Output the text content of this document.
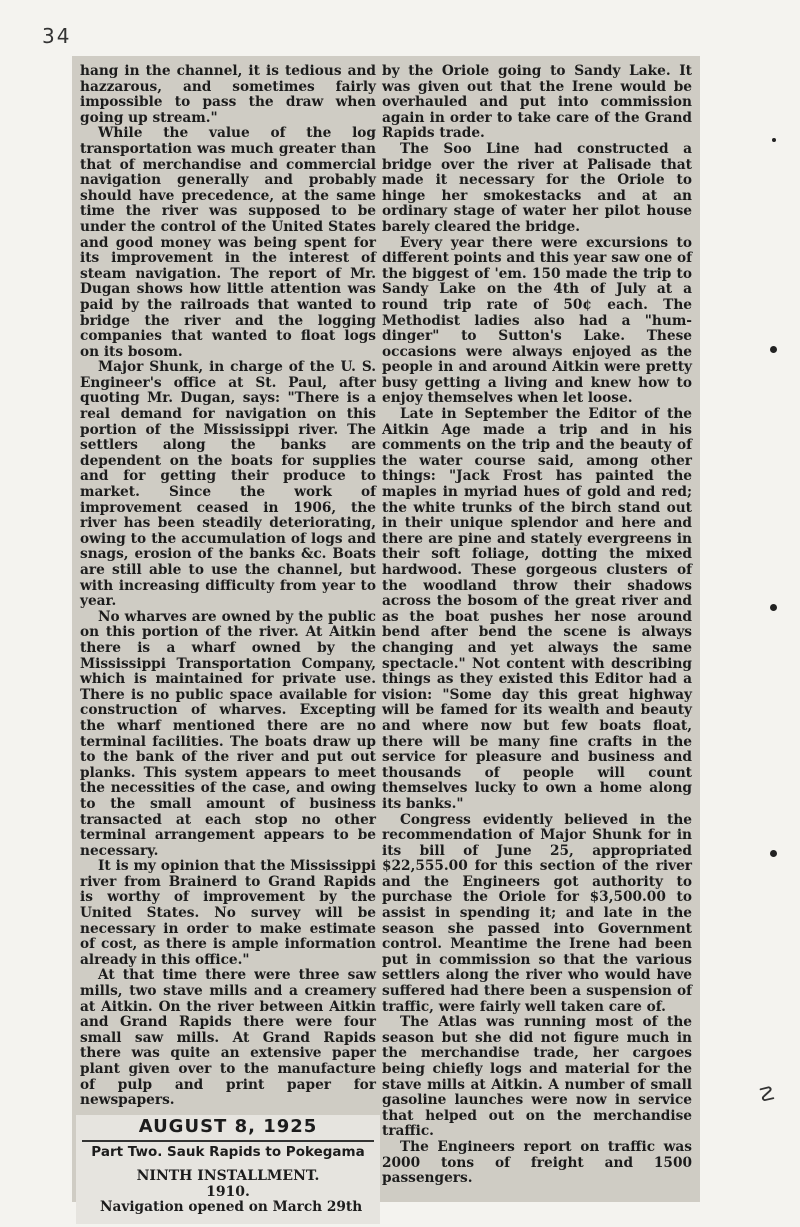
34

hang in the channel, it is tedious and hazzarous, and sometimes fairly impossible to pass the draw when going up stream."

While the value of the log transportation was much greater than that of merchandise and commercial navigation generally and probably should have precedence, at the same time the river was supposed to be under the control of the United States and good money was being spent for its improvement in the interest of steam navigation. The report of Mr. Dugan shows how little attention was paid by the railroads that wanted to bridge the river and the logging companies that wanted to float logs on its bosom.

Major Shunk, in charge of the U. S. Engineer's office at St. Paul, after quoting Mr. Dugan, says: "There is a real demand for navigation on this portion of the Mississippi river. The settlers along the banks are dependent on the boats for supplies and for getting their produce to market. Since the work of improvement ceased in 1906, the river has been steadily deteriorating, owing to the accumulation of logs and snags, erosion of the banks &c. Boats are still able to use the channel, but with increasing difficulty from year to year.

No wharves are owned by the public on this portion of the river. At Aitkin there is a wharf owned by the Mississippi Transportation Company, which is maintained for private use. There is no public space available for construction of wharves. Excepting the wharf mentioned there are no terminal facilities. The boats draw up to the bank of the river and put out planks. This system appears to meet the necessities of the case, and owing to the small amount of business transacted at each stop no other terminal arrangement appears to be necessary.

It is my opinion that the Mississippi river from Brainerd to Grand Rapids is worthy of improvement by the United States. No survey will be necessary in order to make estimate of cost, as there is ample information already in this office."

At that time there were three saw mills, two stave mills and a creamery at Aitkin. On the river between Aitkin and Grand Rapids there were four small saw mills. At Grand Rapids there was quite an extensive paper plant given over to the manufacture of pulp and print paper for newspapers.

AUGUST 8, 1925
Part Two. Sauk Rapids to Pokegama
NINTH INSTALLMENT.
1910.

Navigation opened on March 29th

by the Oriole going to Sandy Lake. It was given out that the Irene would be overhauled and put into commission again in order to take care of the Grand Rapids trade.

The Soo Line had constructed a bridge over the river at Palisade that made it necessary for the Oriole to hinge her smokestacks and at an ordinary stage of water her pilot house barely cleared the bridge.

Every year there were excursions to different points and this year saw one of the biggest of 'em. 150 made the trip to Sandy Lake on the 4th of July at a round trip rate of 50¢ each. The Methodist ladies also had a "hum-dinger" to Sutton's Lake. These occasions were always enjoyed as the people in and around Aitkin were pretty busy getting a living and knew how to enjoy themselves when let loose.

Late in September the Editor of the Aitkin Age made a trip and in his comments on the trip and the beauty of the water course said, among other things: "Jack Frost has painted the maples in myriad hues of gold and red; the white trunks of the birch stand out in their unique splendor and here and there are pine and stately evergreens in their soft foliage, dotting the mixed hardwood. These gorgeous clusters of the woodland throw their shadows across the bosom of the great river and as the boat pushes her nose around bend after bend the scene is always changing and yet always the same spectacle." Not content with describing things as they existed this Editor had a vision: "Some day this great highway will be famed for its wealth and beauty and where now but few boats float, there will be many fine crafts in the service for pleasure and business and thousands of people will count themselves lucky to own a home along its banks."

Congress evidently believed in the recommendation of Major Shunk for in its bill of June 25, appropriated $22,555.00 for this section of the river and the Engineers got authority to purchase the Oriole for $3,500.00 to assist in spending it; and late in the season she passed into Government control. Meantime the Irene had been put in commission so that the various settlers along the river who would have suffered had there been a suspension of traffic, were fairly well taken care of.

The Atlas was running most of the season but she did not figure much in the merchandise trade, her cargoes being chiefly logs and material for the stave mills at Aitkin. A number of small gasoline launches were now in service that helped out on the merchandise traffic.

The Engineers report on traffic was 2000 tons of freight and 1500 passengers.

☡
